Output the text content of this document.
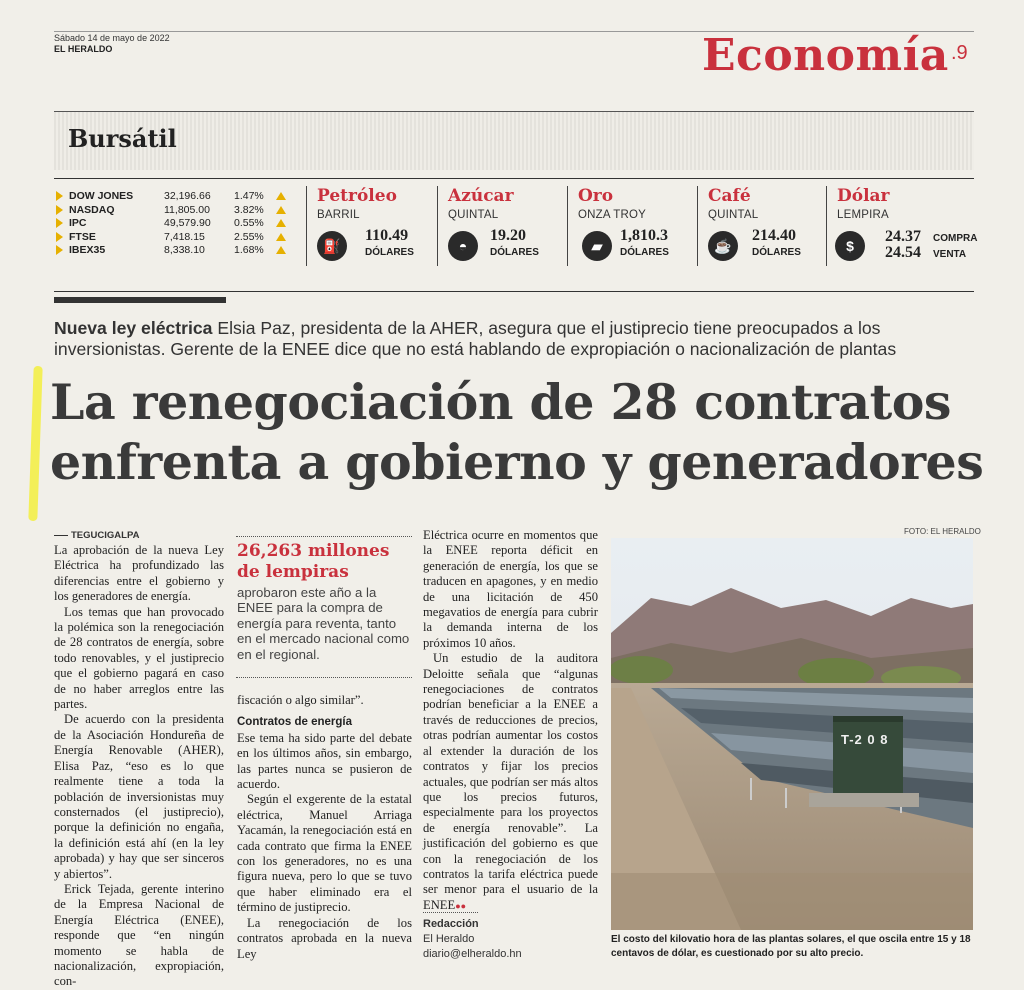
Sábado 14 de mayo de 2022
EL HERALDO	Economía .9
Bursátil
DOW JONES	32,196.66 1.47%
NASDAQ	11,805.00 3.82%
IPC	49,579.90 0.55%
FTSE	7,418.15	2.55%
IBEX35	8,338.10	1.68%
Petróleo
BARRIL
⛽
110.49
DÓLARES
Azúcar
QUINTAL
◓
19.20
DÓLARES
Oro
ONZA TROY
▰
1,810.3
DÓLARES
Café
QUINTAL
☕
214.40
DÓLARES
Dólar
LEMPIRA
$
24.37 COMPRA
24.54 VENTA
Nueva ley eléctrica Elsia Paz, presidenta de la AHER, asegura que el justiprecio tiene preocupados a los inversionistas. Gerente de la ENEE dice que no está hablando de expropiación o nacionalización de plantas
La renegociación de 28 contratos
enfrenta a gobierno y generadores
TEGUCIGALPA

La aprobación de la nueva Ley Eléctrica ha profundizado las diferencias entre el gobierno y los generadores de energía.

Los temas que han provocado la polémica son la renegociación de 28 contratos de energía, sobre todo renovables, y el justiprecio que el gobierno pagará en caso de no haber arreglos entre las partes.

De acuerdo con la presidenta de la Asociación Hondureña de Energía Renovable (AHER), Elisa Paz, “eso es lo que realmente tiene a toda la población de inversionistas muy consternados (el justiprecio), porque la definición no engaña, la definición está ahí (en la ley aprobada) y hay que ser sinceros y abiertos”.

Erick Tejada, gerente interino de la Empresa Nacional de Energía Eléctrica (ENEE), responde que “en ningún momento se habla de nacionalización, expropiación, con-

26,263 millones de lempiras
aprobaron este año a la ENEE para la compra de energía para reventa, tanto en el mercado nacional como en el regional.

fiscación o algo similar”.

Contratos de energía

Ese tema ha sido parte del debate en los últimos años, sin embargo, las partes nunca se pusieron de acuerdo.

Según el exgerente de la estatal eléctrica, Manuel Arriaga Yacamán, la renegociación está en cada contrato que firma la ENEE con los generadores, no es una figura nueva, pero lo que se tuvo que haber eliminado era el término de justiprecio.

La renegociación de los contratos aprobada en la nueva Ley

Eléctrica ocurre en momentos que la ENEE reporta déficit en generación de energía, los que se traducen en apagones, y en medio de una licitación de 450 megavatios de energía para cubrir la demanda interna de los próximos 10 años.

Un estudio de la auditora Deloitte señala que “algunas renegociaciones de contratos podrían beneficiar a la ENEE a través de reducciones de precios, otras podrían aumentar los costos al extender la duración de los contratos y fijar los precios actuales, que podrían ser más altos que los precios futuros, especialmente para los proyectos de energía renovable”. La justificación del gobierno es que con la renegociación de los contratos la tarifa eléctrica puede ser menor para el usuario de la ENEE●●

Redacción
El Heraldo
diario@elheraldo.hn
FOTO: EL HERALDO
T-2 0 8
El costo del kilovatio hora de las plantas solares, el que oscila entre 15 y 18 centavos de dólar, es cuestionado por su alto precio.
